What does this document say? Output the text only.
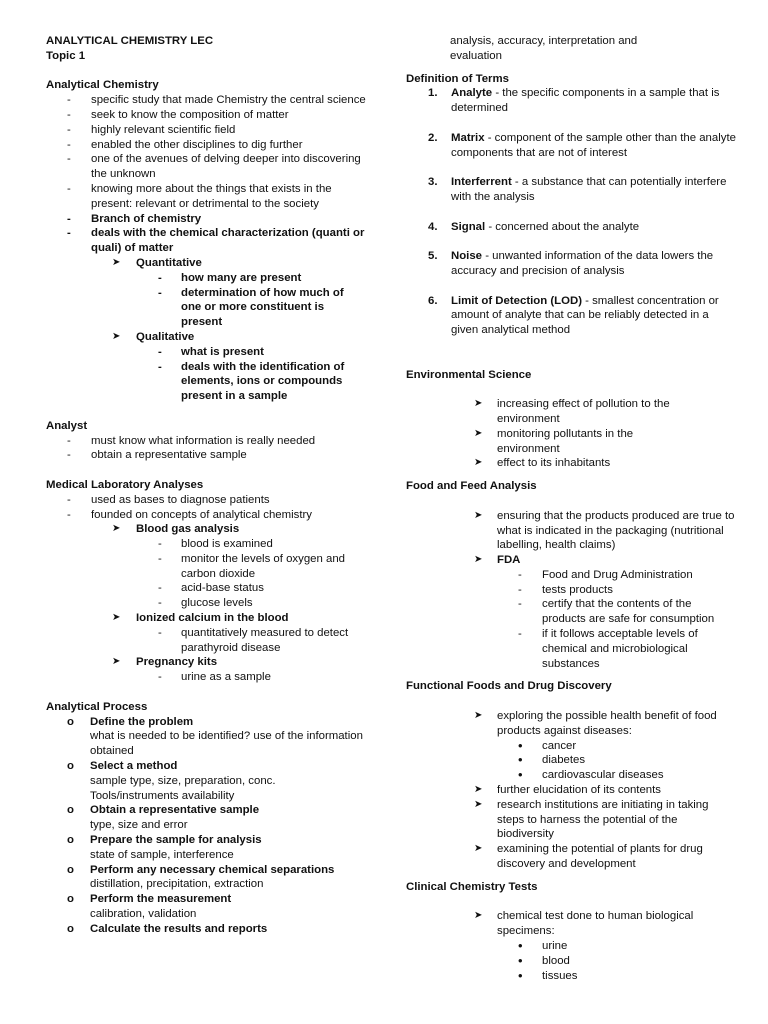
ANALYTICAL CHEMISTRY LEC

Topic 1

Analytical Chemistry

- specific study that made Chemistry the central science
- seek to know the composition of matter
- highly relevant scientific field
- enabled the other disciplines to dig further
- one of the avenues of delving deeper into discovering the unknown
- knowing more about the things that exists in the present: relevant or detrimental to the society
- Branch of chemistry
- deals with the chemical characterization (quanti or quali) of matter
➤ Quantitative
- how many are present
- determination of how much of one or more constituent is present
➤ Qualitative
- what is present
- deals with the identification of elements, ions or compounds present in a sample

Analyst

- must know what information is really needed
- obtain a representative sample

Medical Laboratory Analyses

- used as bases to diagnose patients
- founded on concepts of analytical chemistry
➤ Blood gas analysis
- blood is examined
- monitor the levels of oxygen and carbon dioxide
- acid-base status
- glucose levels
➤ Ionized calcium in the blood
- quantitatively measured to detect parathyroid disease
➤ Pregnancy kits
- urine as a sample

Analytical Process

o Define the problem

what is needed to be identified? use of the information obtained

o Select a method

sample type, size, preparation, conc. Tools/instruments availability

o Obtain a representative sample

type, size and error

o Prepare the sample for analysis

state of sample, interference

o Perform any necessary chemical separations

distillation, precipitation, extraction

o Perform the measurement

calibration, validation

o Calculate the results and reports

analysis, accuracy, interpretation and evaluation

Definition of Terms

1. Analyte - the specific components in a sample that is determined
2. Matrix - component of the sample other than the analyte components that are not of interest
3. Interferrent - a substance that can potentially interfere with the analysis
4. Signal - concerned about the analyte
5. Noise - unwanted information of the data lowers the accuracy and precision of analysis
6. Limit of Detection (LOD) - smallest concentration or amount of analyte that can be reliably detected in a given analytical method

Environmental Science

➤ increasing effect of pollution to the environment
➤ monitoring pollutants in the environment
➤ effect to its inhabitants

Food and Feed Analysis

➤ ensuring that the products produced are true to what is indicated in the packaging (nutritional labelling, health claims)
➤ FDA
- Food and Drug Administration
- tests products
- certify that the contents of the products are safe for consumption
- if it follows acceptable levels of chemical and microbiological substances

Functional Foods and Drug Discovery

➤ exploring the possible health benefit of food products against diseases:
• cancer
• diabetes
• cardiovascular diseases
➤ further elucidation of its contents
➤ research institutions are initiating in taking steps to harness the potential of the biodiversity
➤ examining the potential of plants for drug discovery and development

Clinical Chemistry Tests

➤ chemical test done to human biological specimens:
• urine
• blood
• tissues
